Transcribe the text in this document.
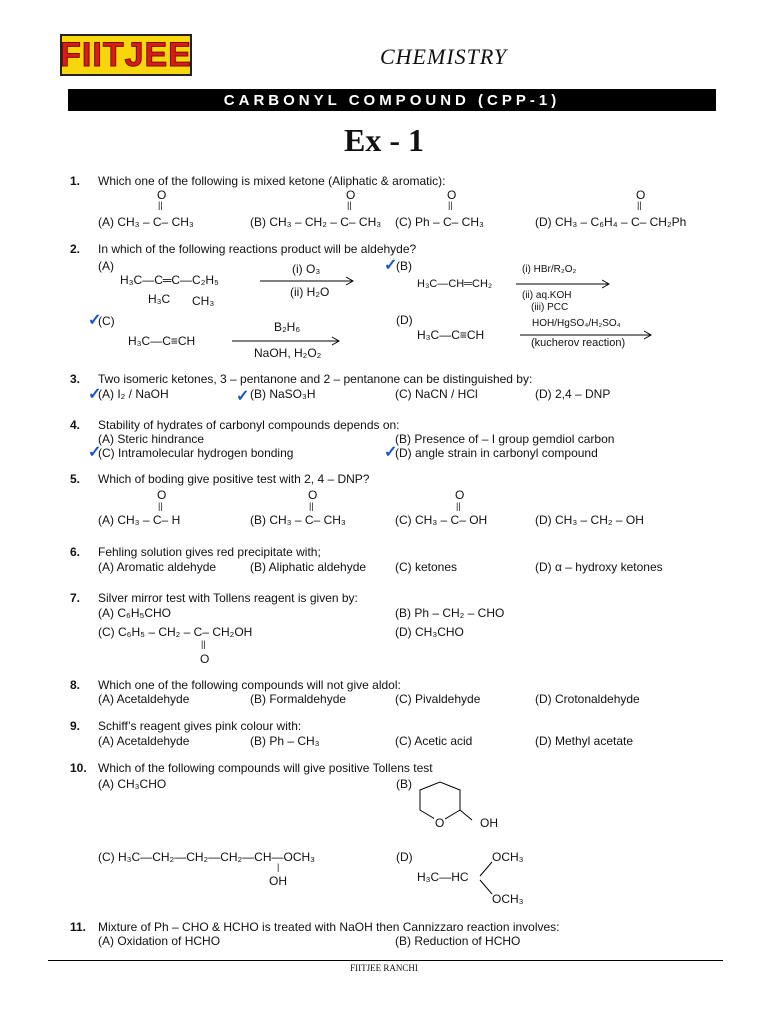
FIITJEE	CHEMISTRY
CARBONYL COMPOUND (CPP-1)
Ex - 1
1. Which one of the following is mixed ketone (Aliphatic & aromatic):
O	O	O	O
||	||	||	||
(A) CH₃ – C– CH₃	(B) CH₃ – CH₂ – C– CH₃ (C) Ph – C– CH₃	(D) CH₃ – C₆H₄ – C– CH₂Ph
2. In which of the following reactions product will be aldehyde?
(A)
H₃C—C═C—C₂H₅
H₃C CH₃
(i) O₃
(ii) H₂O
(B)
H₃C—CH═CH₂
(i) HBr/R₂O₂
(ii) aq.KOH
(iii) PCC
(C)
H₃C—C≡CH
B₂H₆
NaOH, H₂O₂
(D)
H₃C—C≡CH
HOH/HgSO₄/H₂SO₄
(kucherov reaction)
3. Two isomeric ketones, 3 – pentanone and 2 – pentanone can be distinguished by:
(A) I₂ / NaOH	(B) NaSO₃H	(C) NaCN / HCl	(D) 2,4 – DNP
4. Stability of hydrates of carbonyl compounds depends on:
(A) Steric hindrance	(B) Presence of – I group gemdiol carbon
(C) Intramolecular hydrogen bonding	(D) angle strain in carbonyl compound
5. Which of boding give positive test with 2, 4 – DNP?
O	O	O
||	||	||
(A) CH₃ – C– H	(B) CH₃ – C– CH₃	(C) CH₃ – C– OH	(D) CH₃ – CH₂ – OH
6. Fehling solution gives red precipitate with;
(A) Aromatic aldehyde	(B) Aliphatic aldehyde (C) ketones	(D) α – hydroxy ketones
7. Silver mirror test with Tollens reagent is given by:
(A) C₆H₅CHO	(B) Ph – CH₂ – CHO
(C) C₆H₅ – CH₂ – C– CH₂OH	(D) CH₃CHO
||
O
8. Which one of the following compounds will not give aldol:
(A) Acetaldehyde	(B) Formaldehyde	(C) Pivaldehyde	(D) Crotonaldehyde
9. Schiff’s reagent gives pink colour with:
(A) Acetaldehyde	(B) Ph – CH₃	(C) Acetic acid	(D) Methyl acetate
10. Which of the following compounds will give positive Tollens test
(A) CH₃CHO	(B)
O	OH
(C) H₃C—CH₂—CH₂—CH₂—CH—OCH₃
|
OH
(D)
H₃C—HC
OCH₃
OCH₃
11. Mixture of Ph – CHO & HCHO is treated with NaOH then Cannizzaro reaction involves:
(A) Oxidation of HCHO	(B) Reduction of HCHO
✓
✓
✓	✓
✓	✓
FIITJEE RANCHI
